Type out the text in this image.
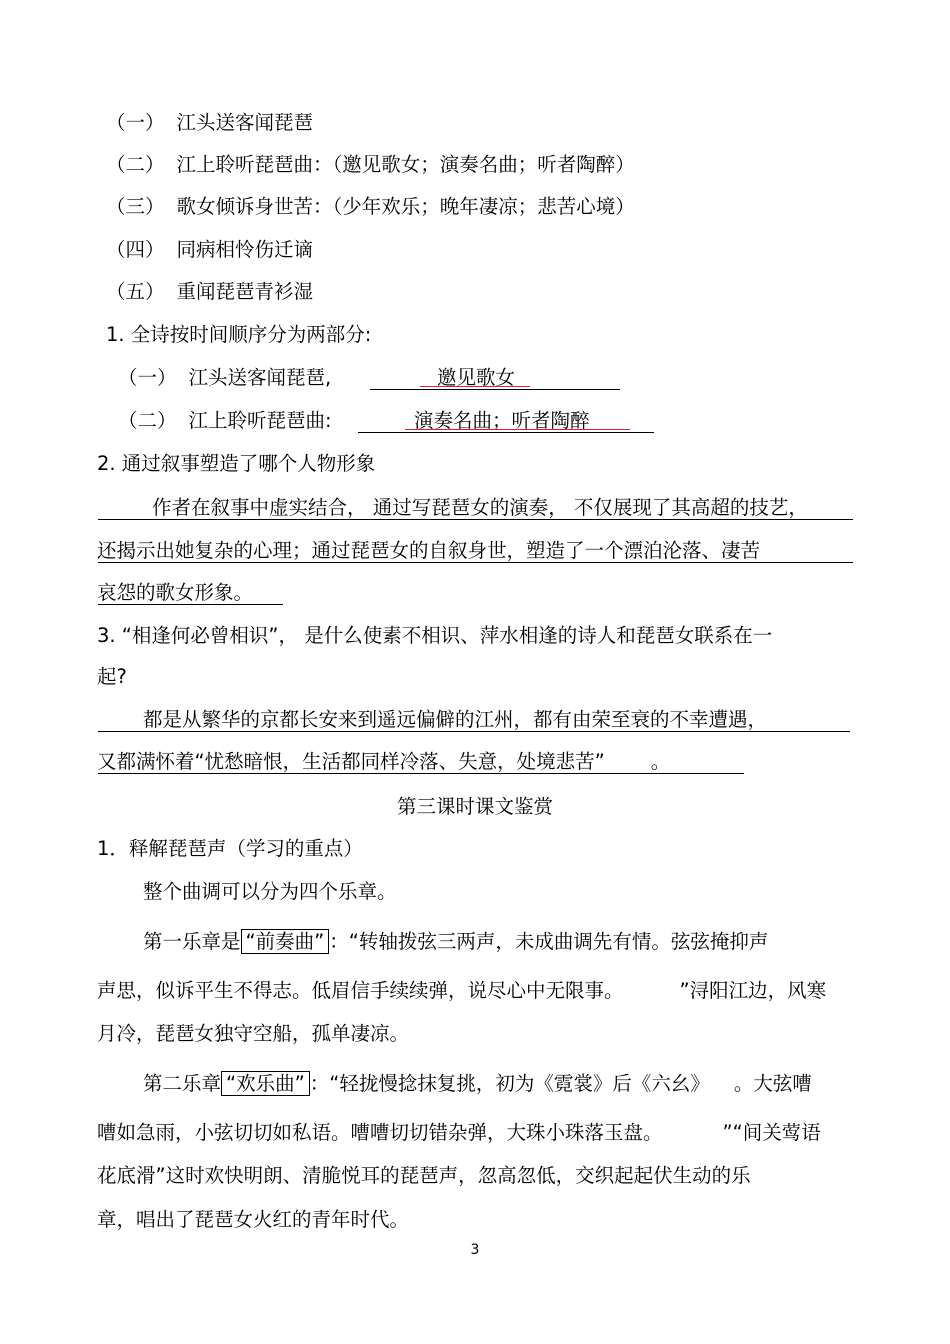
（一） 江头送客闻琵琶
（二） 江上聆听琵琶曲：（邀见歌女；演奏名曲；听者陶醉）
（三） 歌女倾诉身世苦：（少年欢乐；晚年凄凉；悲苦心境）
（四） 同病相怜伤迁谪
（五） 重闻琵琶青衫湿
1. 全诗按时间顺序分为两部分:
（一） 江头送客闻琵琶,	邀见歌女
（二） 江上聆听琵琶曲:	演奏名曲；听者陶醉
2. 通过叙事塑造了哪个人物形象
作者在叙事中虚实结合， 通过写琵琶女的演奏， 不仅展现了其高超的技艺，
还揭示出她复杂的心理；通过琵琶女的自叙身世，塑造了一个漂泊沦落、凄苦
哀怨的歌女形象。
3. “相逢何必曾相识”， 是什么使素不相识、萍水相逢的诗人和琵琶女联系在一
起?
都是从繁华的京都长安来到遥远偏僻的江州，都有由荣至衰的不幸遭遇，
又都满怀着“忧愁暗恨，生活都同样冷落、失意，处境悲苦” 。
第三课时课文鉴赏
1．释解琵琶声（学习的重点）
整个曲调可以分为四个乐章。
第一乐章是 “前奏曲” ：“转轴拨弦三两声，未成曲调先有情。弦弦掩抑声
声思，似诉平生不得志。低眉信手续续弹，说尽心中无限事。	”浔阳江边，风寒
月冷，琵琶女独守空船，孤单凄凉。
第二乐章 “欢乐曲” ：“轻拢慢捻抹复挑，初为《霓裳》后《六幺》 。大弦嘈
嘈如急雨，小弦切切如私语。嘈嘈切切错杂弹，大珠小珠落玉盘。	”“间关莺语
花底滑”这时欢快明朗、清脆悦耳的琵琶声，忽高忽低，交织起起伏生动的乐
章，唱出了琵琶女火红的青年时代。
3
